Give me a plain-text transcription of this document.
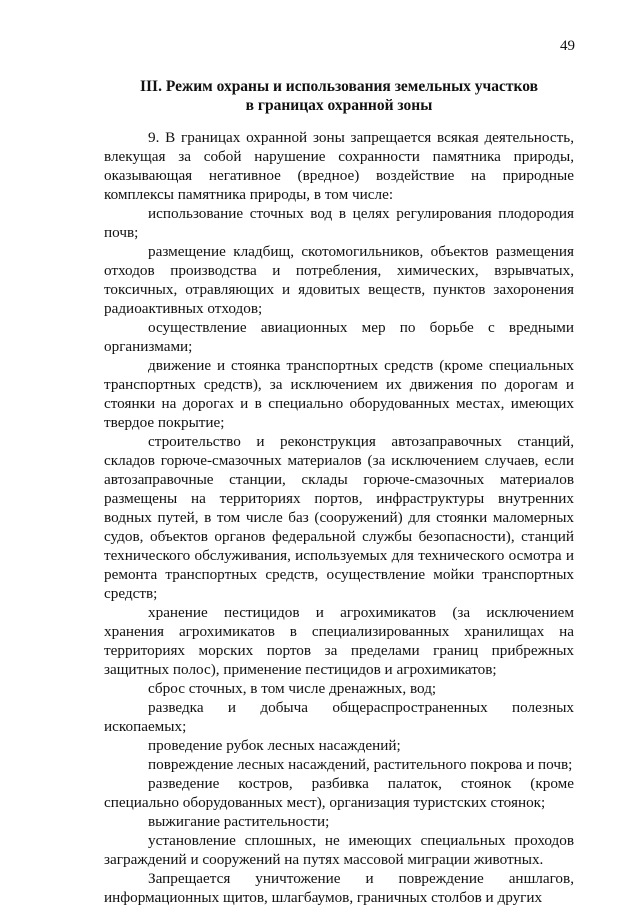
49
III. Режим охраны и использования земельных участков
в границах охранной зоны

9. В границах охранной зоны запрещается всякая деятельность, влекущая за собой нарушение сохранности памятника природы, оказывающая негативное (вредное) воздействие на природные комплексы памятника природы, в том числе:

использование сточных вод в целях регулирования плодородия почв;

размещение кладбищ, скотомогильников, объектов размещения отходов производства и потребления, химических, взрывчатых, токсичных, отравляющих и ядовитых веществ, пунктов захоронения радиоактивных отходов;

осуществление авиационных мер по борьбе с вредными организмами;

движение и стоянка транспортных средств (кроме специальных транспортных средств), за исключением их движения по дорогам и стоянки на дорогах и в специально оборудованных местах, имеющих твердое покрытие;

строительство и реконструкция автозаправочных станций, складов горюче-смазочных материалов (за исключением случаев, если автозаправочные станции, склады горюче-смазочных материалов размещены на территориях портов, инфраструктуры внутренних водных путей, в том числе баз (сооружений) для стоянки маломерных судов, объектов органов федеральной службы безопасности), станций технического обслуживания, используемых для технического осмотра и ремонта транспортных средств, осуществление мойки транспортных средств;

хранение пестицидов и агрохимикатов (за исключением хранения агрохимикатов в специализированных хранилищах на территориях морских портов за пределами границ прибрежных защитных полос), применение пестицидов и агрохимикатов;

сброс сточных, в том числе дренажных, вод;

разведка и добыча общераспространенных полезных ископаемых;

проведение рубок лесных насаждений;

повреждение лесных насаждений, растительного покрова и почв;

разведение костров, разбивка палаток, стоянок (кроме специально оборудованных мест), организация туристских стоянок;

выжигание растительности;

установление сплошных, не имеющих специальных проходов заграждений и сооружений на путях массовой миграции животных.

Запрещается уничтожение и повреждение аншлагов, информационных щитов, шлагбаумов, граничных столбов и других
